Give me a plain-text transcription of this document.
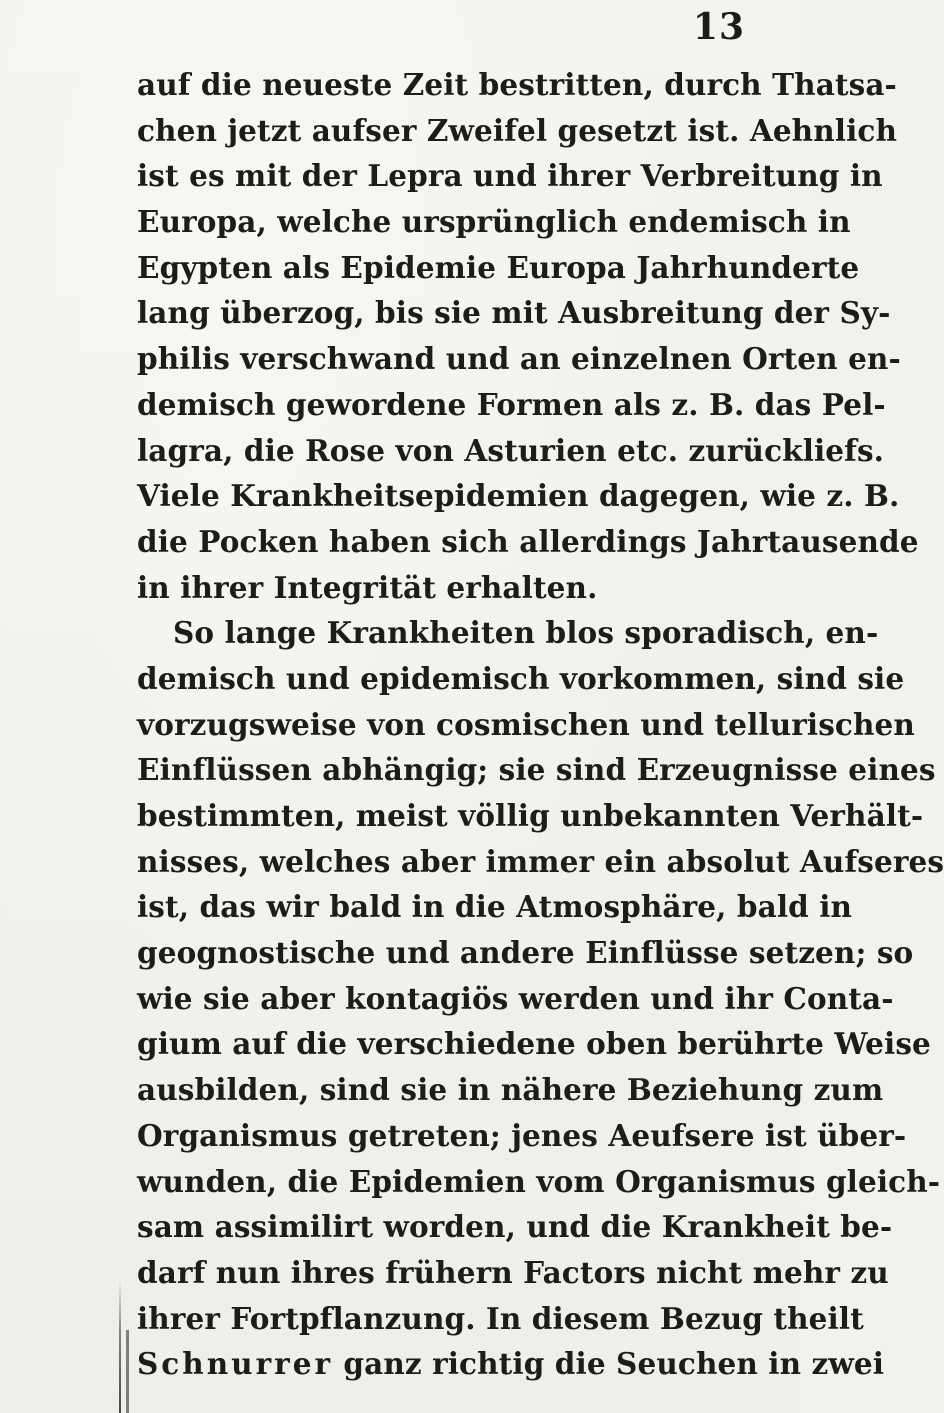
13
auf die neueste Zeit bestritten, durch Thatsa-
chen jetzt aufser Zweifel gesetzt ist. Aehnlich
ist es mit der Lepra und ihrer Verbreitung in
Europa, welche ursprünglich endemisch in
Egypten als Epidemie Europa Jahrhunderte
lang überzog, bis sie mit Ausbreitung der Sy-
philis verschwand und an einzelnen Orten en-
demisch gewordene Formen als z. B. das Pel-
lagra, die Rose von Asturien etc. zurückliefs.
Viele Krankheitsepidemien dagegen, wie z. B.
die Pocken haben sich allerdings Jahrtausende
in ihrer Integrität erhalten.
So lange Krankheiten blos sporadisch, en-
demisch und epidemisch vorkommen, sind sie
vorzugsweise von cosmischen und tellurischen
Einflüssen abhängig; sie sind Erzeugnisse eines
bestimmten, meist völlig unbekannten Verhält-
nisses, welches aber immer ein absolut Aufseres
ist, das wir bald in die Atmosphäre, bald in
geognostische und andere Einflüsse setzen; so
wie sie aber kontagiös werden und ihr Conta-
gium auf die verschiedene oben berührte Weise
ausbilden, sind sie in nähere Beziehung zum
Organismus getreten; jenes Aeufsere ist über-
wunden, die Epidemien vom Organismus gleich-
sam assimilirt worden, und die Krankheit be-
darf nun ihres frühern Factors nicht mehr zu
ihrer Fortpflanzung. In diesem Bezug theilt
Schnurrer ganz richtig die Seuchen in zwei
